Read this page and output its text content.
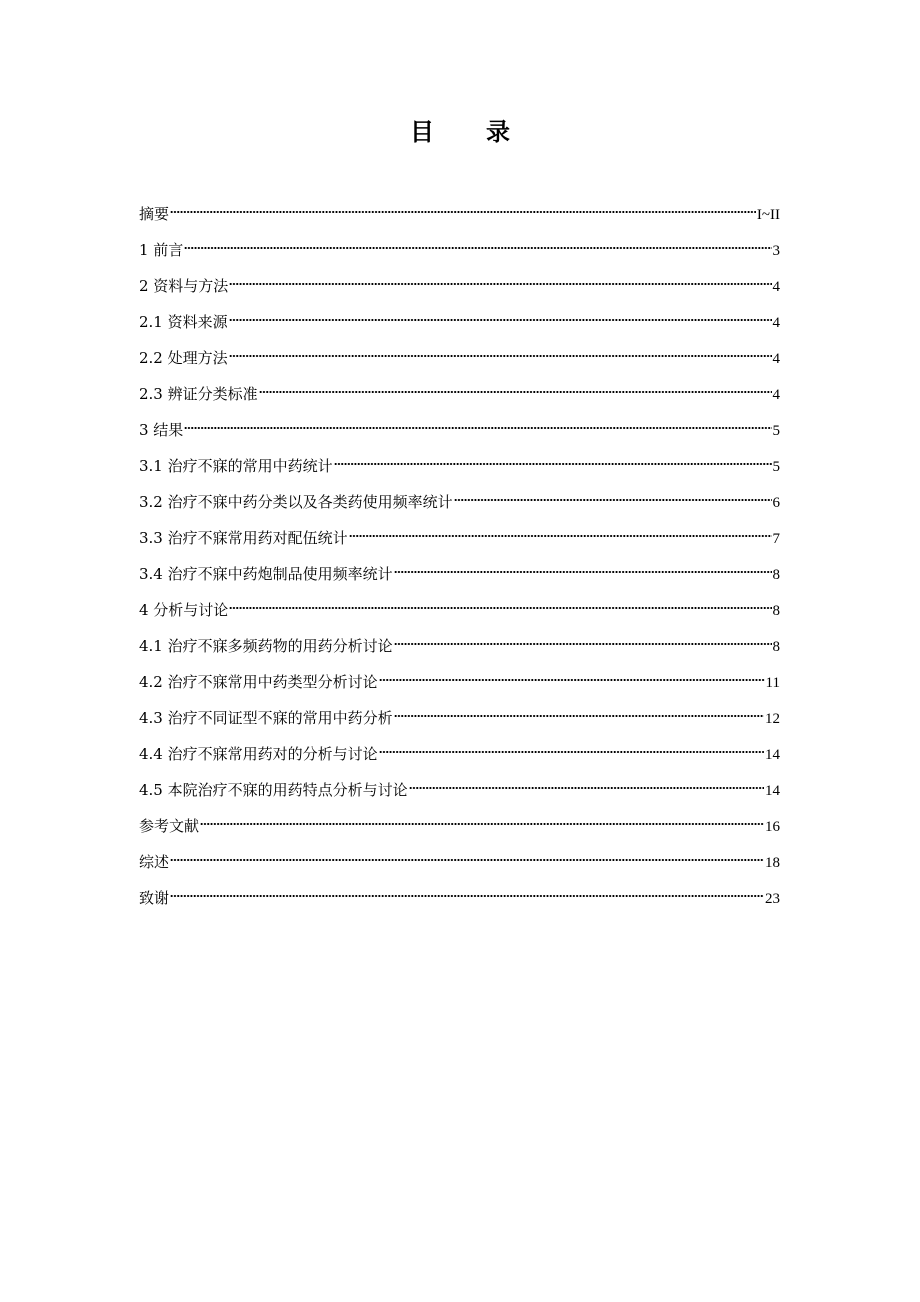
目 录
摘要	I~II
1 前言	3
2 资料与方法	4
2.1 资料来源	4
2.2 处理方法	4
2.3 辨证分类标准	4
3 结果	5
3.1 治疗不寐的常用中药统计	5
3.2 治疗不寐中药分类以及各类药使用频率统计	6
3.3 治疗不寐常用药对配伍统计	7
3.4 治疗不寐中药炮制品使用频率统计	8
4 分析与讨论	8
4.1 治疗不寐多频药物的用药分析讨论	8
4.2 治疗不寐常用中药类型分析讨论	11
4.3 治疗不同证型不寐的常用中药分析	12
4.4 治疗不寐常用药对的分析与讨论	14
4.5 本院治疗不寐的用药特点分析与讨论	14
参考文献	16
综述	18
致谢	23
